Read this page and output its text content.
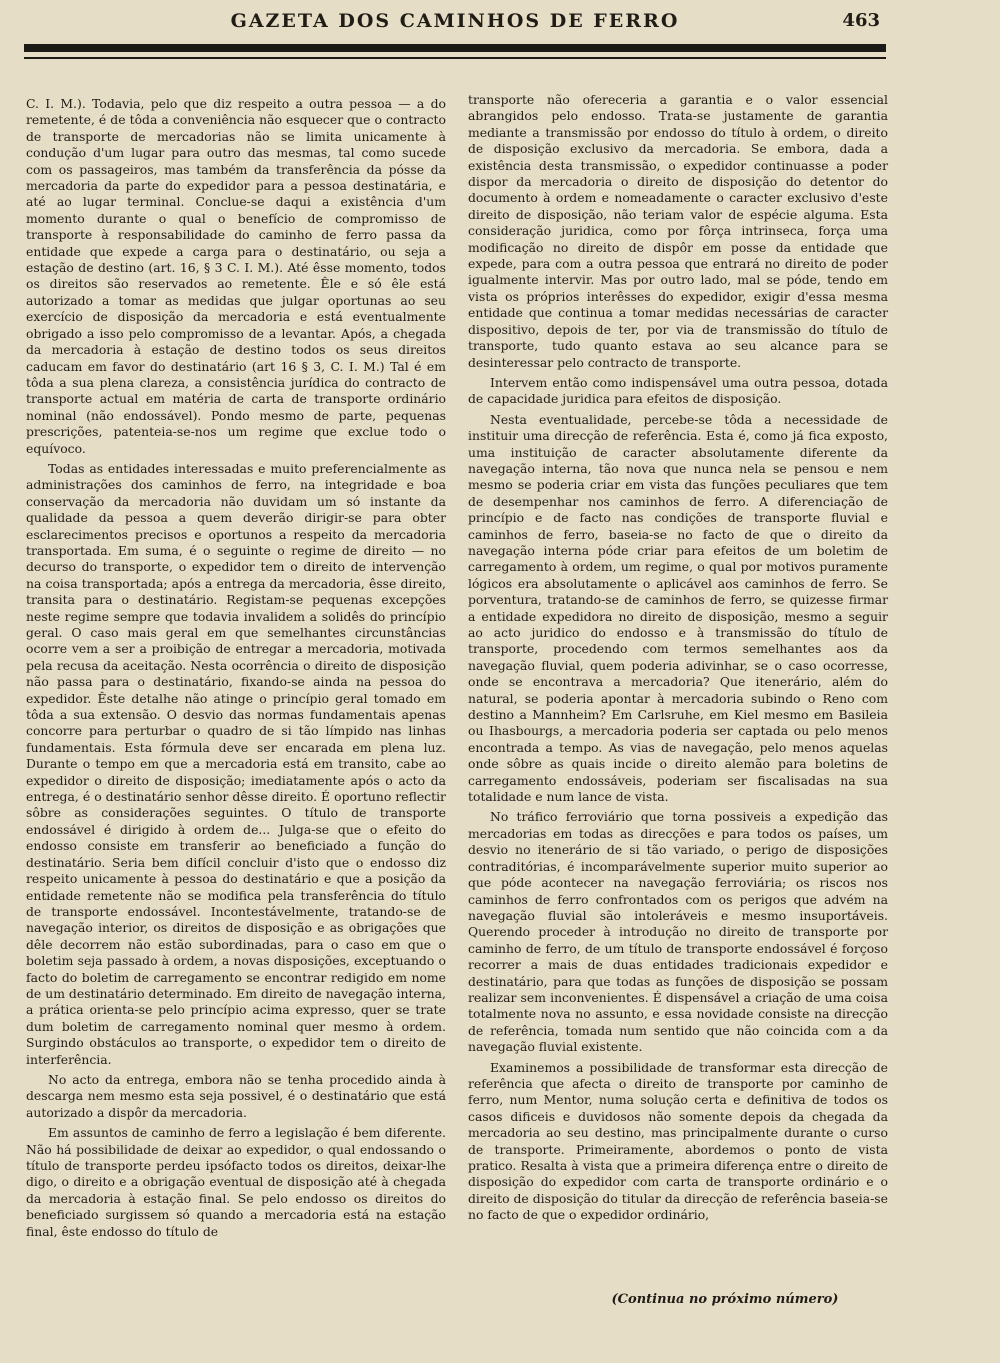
GAZETA DOS CAMINHOS DE FERRO	463

C. I. M.). Todavia, pelo que diz respeito a outra pessoa — a do remetente, é de tôda a conveniência não esquecer que o contracto de transporte de mercadorias não se limita unicamente à condução d'um lugar para outro das mesmas, tal como sucede com os passageiros, mas também da transferência da pósse da mercadoria da parte do expedidor para a pessoa destinatária, e até ao lugar terminal. Conclue-se daqui a existência d'um momento durante o qual o benefício de compromisso de transporte à responsabilidade do caminho de ferro passa da entidade que expede a carga para o destinatário, ou seja a estação de destino (art. 16, § 3 C. I. M.). Até êsse momento, todos os direitos são reservados ao remetente. Êle e só êle está autorizado a tomar as medidas que julgar oportunas ao seu exercício de disposição da mercadoria e está eventualmente obrigado a isso pelo compromisso de a levantar. Após, a chegada da mercadoria à estação de destino todos os seus direitos caducam em favor do destinatário (art 16 § 3, C. I. M.) Tal é em tôda a sua plena clareza, a consistência jurídica do contracto de transporte actual em matéria de carta de transporte ordinário nominal (não endossável). Pondo mesmo de parte, pequenas prescrições, patenteia-se-nos um regime que exclue todo o equívoco.

Todas as entidades interessadas e muito preferencialmente as administrações dos caminhos de ferro, na integridade e boa conservação da mercadoria não duvidam um só instante da qualidade da pessoa a quem deverão dirigir-se para obter esclarecimentos precisos e oportunos a respeito da mercadoria transportada. Em suma, é o seguinte o regime de direito — no decurso do transporte, o expedidor tem o direito de intervenção na coisa transportada; após a entrega da mercadoria, êsse direito, transita para o destinatário. Registam-se pequenas excepções neste regime sempre que todavia invalidem a solidês do princípio geral. O caso mais geral em que semelhantes circunstâncias ocorre vem a ser a proibição de entregar a mercadoria, motivada pela recusa da aceitação. Nesta ocorrência o direito de disposição não passa para o destinatário, fixando-se ainda na pessoa do expedidor. Êste detalhe não atinge o princípio geral tomado em tôda a sua extensão. O desvio das normas fundamentais apenas concorre para perturbar o quadro de si tão límpido nas linhas fundamentais. Esta fórmula deve ser encarada em plena luz. Durante o tempo em que a mercadoria está em transito, cabe ao expedidor o direito de disposição; imediatamente após o acto da entrega, é o destinatário senhor dêsse direito. É oportuno reflectir sôbre as considerações seguintes. O título de transporte endossável é dirigido à ordem de... Julga-se que o efeito do endosso consiste em transferir ao beneficiado a função do destinatário. Seria bem difícil concluir d'isto que o endosso diz respeito unicamente à pessoa do destinatário e que a posição da entidade remetente não se modifica pela transferência do título de transporte endossável. Incontestávelmente, tratando-se de navegação interior, os direitos de disposição e as obrigações que dêle decorrem não estão subordinadas, para o caso em que o boletim seja passado à ordem, a novas disposições, exceptuando o facto do boletim de carregamento se encontrar redigido em nome de um destinatário determinado. Em direito de navegação interna, a prática orienta-se pelo princípio acima expresso, quer se trate dum boletim de carregamento nominal quer mesmo à ordem. Surgindo obstáculos ao transporte, o expedidor tem o direito de interferência.

No acto da entrega, embora não se tenha procedido ainda à descarga nem mesmo esta seja possivel, é o destinatário que está autorizado a dispôr da mercadoria.

Em assuntos de caminho de ferro a legislação é bem diferente. Não há possibilidade de deixar ao expedidor, o qual endossando o título de transporte perdeu ipsófacto todos os direitos, deixar-lhe digo, o direito e a obrigação eventual de disposição até à chegada da mercadoria à estação final. Se pelo endosso os direitos do beneficiado surgissem só quando a mercadoria está na estação final, êste endosso do título de

transporte não ofereceria a garantia e o valor essencial abrangidos pelo endosso. Trata-se justamente de garantia mediante a transmissão por endosso do título à ordem, o direito de disposição exclusivo da mercadoria. Se embora, dada a existência desta transmissão, o expedidor continuasse a poder dispor da mercadoria o direito de disposição do detentor do documento à ordem e nomeadamente o caracter exclusivo d'este direito de disposição, não teriam valor de espécie alguma. Esta consideração juridica, como por fôrça intrinseca, força uma modificação no direito de dispôr em posse da entidade que expede, para com a outra pessoa que entrará no direito de poder igualmente intervir. Mas por outro lado, mal se póde, tendo em vista os próprios interêsses do expedidor, exigir d'essa mesma entidade que continua a tomar medidas necessárias de caracter dispositivo, depois de ter, por via de transmissão do título de transporte, tudo quanto estava ao seu alcance para se desinteressar pelo contracto de transporte.

Intervem então como indispensável uma outra pessoa, dotada de capacidade juridica para efeitos de disposição.

Nesta eventualidade, percebe-se tôda a necessidade de instituir uma direcção de referência. Esta é, como já fica exposto, uma instituição de caracter absolutamente diferente da navegação interna, tão nova que nunca nela se pensou e nem mesmo se poderia criar em vista das funções peculiares que tem de desempenhar nos caminhos de ferro. A diferenciação de princípio e de facto nas condições de transporte fluvial e caminhos de ferro, baseia-se no facto de que o direito da navegação interna póde criar para efeitos de um boletim de carregamento à ordem, um regime, o qual por motivos puramente lógicos era absolutamente o aplicável aos caminhos de ferro. Se porventura, tratando-se de caminhos de ferro, se quizesse firmar a entidade expedidora no direito de disposição, mesmo a seguir ao acto juridico do endosso e à transmissão do título de transporte, procedendo com termos semelhantes aos da navegação fluvial, quem poderia adivinhar, se o caso ocorresse, onde se encontrava a mercadoria? Que itenerário, além do natural, se poderia apontar à mercadoria subindo o Reno com destino a Mannheim? Em Carlsruhe, em Kiel mesmo em Basileia ou Ihasbourgs, a mercadoria poderia ser captada ou pelo menos encontrada a tempo. As vias de navegação, pelo menos aquelas onde sôbre as quais incide o direito alemão para boletins de carregamento endossáveis, poderiam ser fiscalisadas na sua totalidade e num lance de vista.

No tráfico ferroviário que torna possiveis a expedição das mercadorias em todas as direcções e para todos os países, um desvio no itenerário de si tão variado, o perigo de disposições contraditórias, é incomparávelmente superior muito superior ao que póde acontecer na navegação ferroviária; os riscos nos caminhos de ferro confrontados com os perigos que advém na navegação fluvial são intoleráveis e mesmo insuportáveis. Querendo proceder à introdução no direito de transporte por caminho de ferro, de um título de transporte endossável é forçoso recorrer a mais de duas entidades tradicionais expedidor e destinatário, para que todas as funções de disposição se possam realizar sem inconvenientes. É dispensável a criação de uma coisa totalmente nova no assunto, e essa novidade consiste na direcção de referência, tomada num sentido que não coincida com a da navegação fluvial existente.

Examinemos a possibilidade de transformar esta direcção de referência que afecta o direito de transporte por caminho de ferro, num Mentor, numa solução certa e definitiva de todos os casos dificeis e duvidosos não somente depois da chegada da mercadoria ao seu destino, mas principalmente durante o curso de transporte. Primeiramente, abordemos o ponto de vista pratico. Resalta à vista que a primeira diferença entre o direito de disposição do expedidor com carta de transporte ordinário e o direito de disposição do titular da direcção de referência baseia-se no facto de que o expedidor ordinário,

(Continua no próximo número)
